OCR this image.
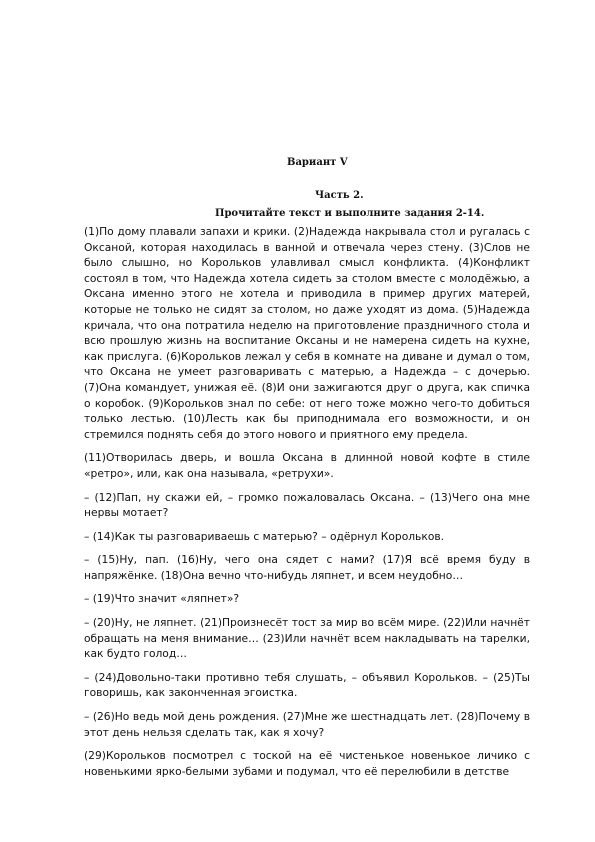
Вариант V
Часть 2.
Прочитайте текст и выполните задания 2-14.

(1)По дому плавали запахи и крики. (2)Надежда накрывала стол и ругалась с Оксаной, которая находилась в ванной и отвечала через стену. (3)Слов не было слышно, но Корольков улавливал смысл конфликта. (4)Конфликт состоял в том, что Надежда хотела сидеть за столом вместе с молодёжью, а Оксана именно этого не хотела и приводила в пример других матерей, которые не только не сидят за столом, но даже уходят из дома. (5)Надежда кричала, что она потратила неделю на приготовление праздничного стола и всю прошлую жизнь на воспитание Оксаны и не намерена сидеть на кухне, как прислуга. (6)Корольков лежал у себя в комнате на диване и думал о том, что Оксана не умеет разговаривать с матерью, а Надежда – с дочерью. (7)Она командует, унижая её. (8)И они зажигаются друг о друга, как спичка о коробок. (9)Корольков знал по себе: от него тоже можно чего-то добиться только лестью. (10)Лесть как бы приподнимала его возможности, и он стремился поднять себя до этого нового и приятного ему предела.

(11)Отворилась дверь, и вошла Оксана в длинной новой кофте в стиле «ретро», или, как она называла, «ретрухи».

– (12)Пап, ну скажи ей, – громко пожаловалась Оксана. – (13)Чего она мне нервы мотает?

– (14)Как ты разговариваешь с матерью? – одёрнул Корольков.

– (15)Ну, пап. (16)Ну, чего она сядет с нами? (17)Я всё время буду в напряжёнке. (18)Она вечно что-нибудь ляпнет, и всем неудобно…

– (19)Что значит «ляпнет»?

– (20)Ну, не ляпнет. (21)Произнесёт тост за мир во всём мире. (22)Или начнёт обращать на меня внимание… (23)Или начнёт всем накладывать на тарелки, как будто голод…

– (24)Довольно-таки противно тебя слушать, – объявил Корольков. – (25)Ты говоришь, как законченная эгоистка.

– (26)Но ведь мой день рождения. (27)Мне же шестнадцать лет. (28)Почему в этот день нельзя сделать так, как я хочу?

(29)Корольков посмотрел с тоской на её чистенькое новенькое личико с новенькими ярко-белыми зубами и подумал, что её перелюбили в детстве
